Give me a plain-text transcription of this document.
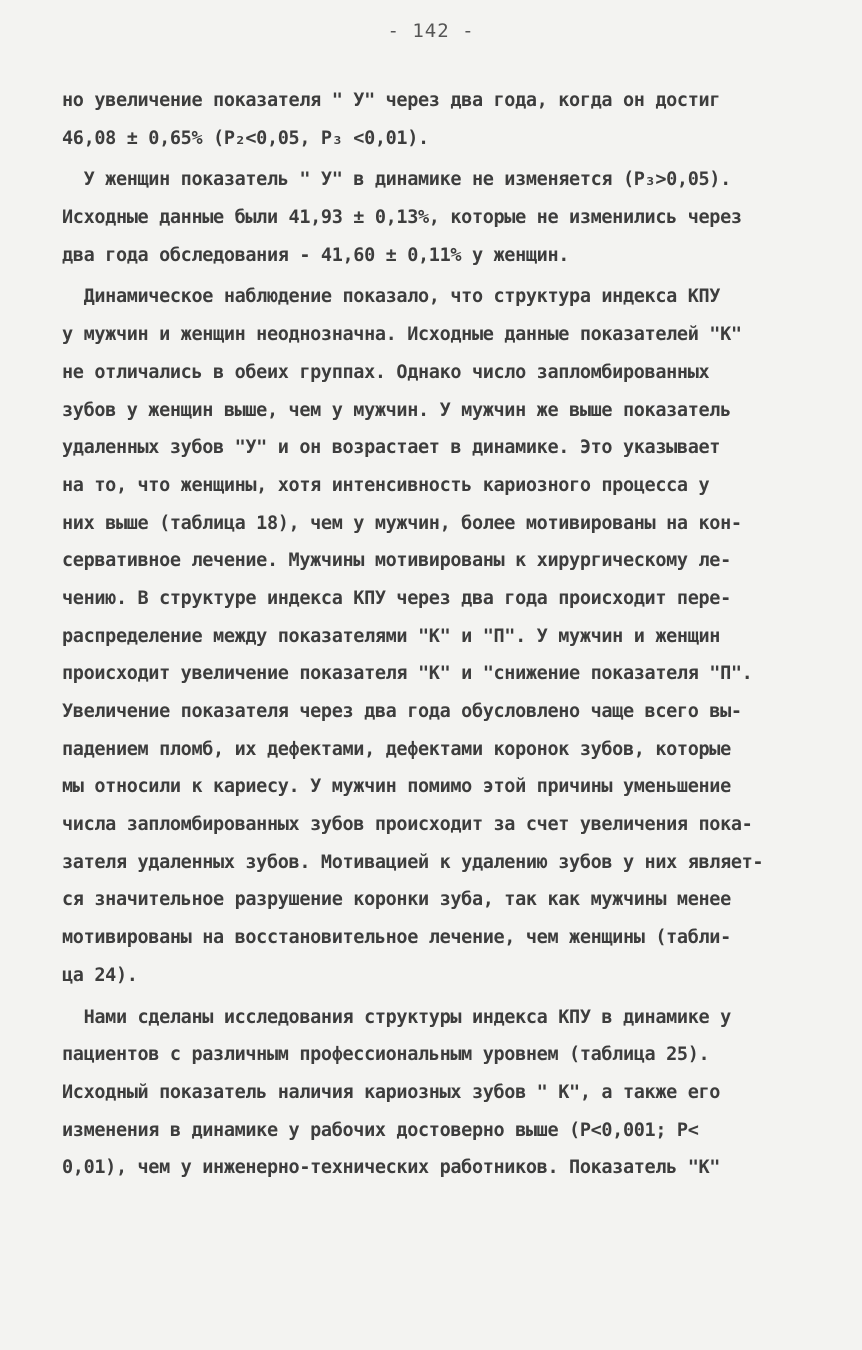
- 142 -
но увеличение показателя " У" через два года, когда он достиг
46,08 ± 0,65% (P₂<0,05, P₃ <0,01).
У женщин показатель " У" в динамике не изменяется (P₃>0,05).
Исходные данные были 41,93 ± 0,13%, которые не изменились через
два года обследования - 41,60 ± 0,11% у женщин.
Динамическое наблюдение показало, что структура индекса КПУ
у мужчин и женщин неоднозначна. Исходные данные показателей "К"
не отличались в обеих группах. Однако число запломбированных
зубов у женщин выше, чем у мужчин. У мужчин же выше показатель
удаленных зубов "У" и он возрастает в динамике. Это указывает
на то, что женщины, хотя интенсивность кариозного процесса у
них выше (таблица 18), чем у мужчин, более мотивированы на кон-
сервативное лечение. Мужчины мотивированы к хирургическому ле-
чению. В структуре индекса КПУ через два года происходит пере-
распределение между показателями "К" и "П". У мужчин и женщин
происходит увеличение показателя "К" и "снижение показателя "П".
Увеличение показателя через два года обусловлено чаще всего вы-
падением пломб, их дефектами, дефектами коронок зубов, которые
мы относили к кариесу. У мужчин помимо этой причины уменьшение
числа запломбированных зубов происходит за счет увеличения пока-
зателя удаленных зубов. Мотивацией к удалению зубов у них являет-
ся значительное разрушение коронки зуба, так как мужчины менее
мотивированы на восстановительное лечение, чем женщины (табли-
ца 24).
Нами сделаны исследования структуры индекса КПУ в динамике у
пациентов с различным профессиональным уровнем (таблица 25).
Исходный показатель наличия кариозных зубов " К", а также его
изменения в динамике у рабочих достоверно выше (P<0,001; P<
0,01), чем у инженерно-технических работников. Показатель "К"
